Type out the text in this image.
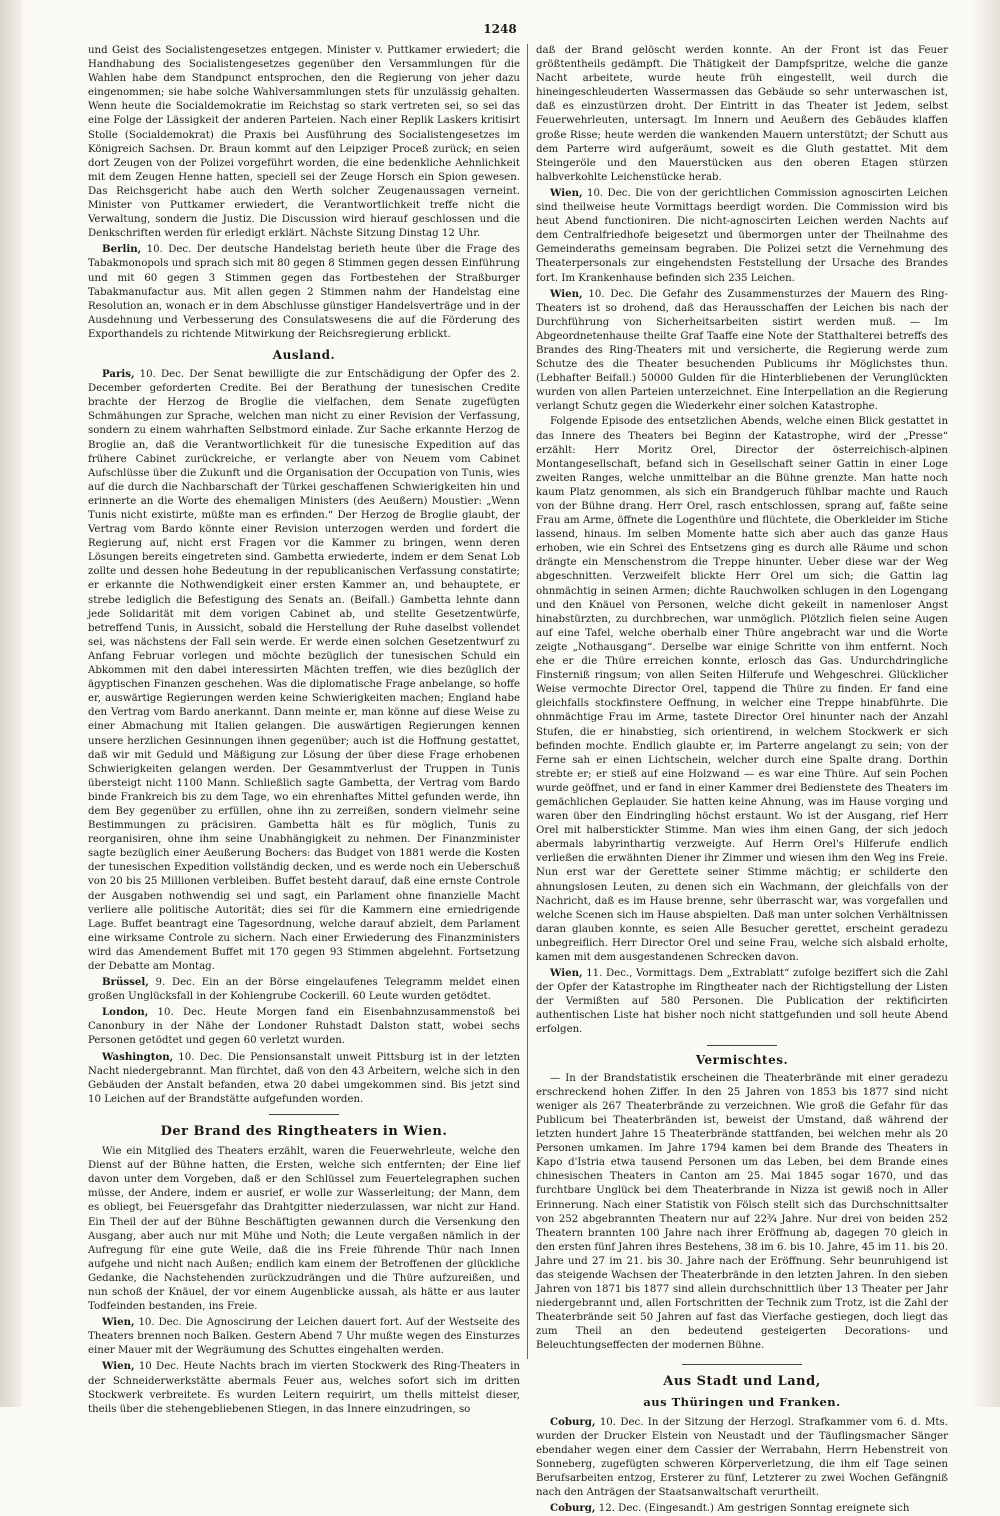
1248

und Geist des Socialistengesetzes entgegen. Minister v. Puttkamer erwiedert; die Handhabung des Socialistengesetzes gegenüber den Versammlungen für die Wahlen habe dem Standpunct entsprochen, den die Regierung von jeher dazu eingenommen; sie habe solche Wahlversammlungen stets für unzulässig gehalten. Wenn heute die Socialdemokratie im Reichstag so stark vertreten sei, so sei das eine Folge der Lässigkeit der anderen Parteien. Nach einer Replik Laskers kritisirt Stolle (Socialdemokrat) die Praxis bei Ausführung des Socialistengesetzes im Königreich Sachsen. Dr. Braun kommt auf den Leipziger Proceß zurück; en seien dort Zeugen von der Polizei vorgeführt worden, die eine bedenkliche Aehnlichkeit mit dem Zeugen Henne hatten, speciell sei der Zeuge Horsch ein Spion gewesen. Das Reichsgericht habe auch den Werth solcher Zeugenaussagen verneint. Minister von Puttkamer erwiedert, die Verantwortlichkeit treffe nicht die Verwaltung, sondern die Justiz. Die Discussion wird hierauf geschlossen und die Denkschriften werden für erledigt erklärt. Nächste Sitzung Dinstag 12 Uhr.

Berlin, 10. Dec. Der deutsche Handelstag berieth heute über die Frage des Tabakmonopols und sprach sich mit 80 gegen 8 Stimmen gegen dessen Einführung und mit 60 gegen 3 Stimmen gegen das Fortbestehen der Straßburger Tabakmanufactur aus. Mit allen gegen 2 Stimmen nahm der Handelstag eine Resolution an, wonach er in dem Abschlusse günstiger Handelsverträge und in der Ausdehnung und Verbesserung des Consulatswesens die auf die Förderung des Exporthandels zu richtende Mitwirkung der Reichsregierung erblickt.

Ausland.

Paris, 10. Dec. Der Senat bewilligte die zur Entschädigung der Opfer des 2. December geforderten Credite. Bei der Berathung der tunesischen Credite brachte der Herzog de Broglie die vielfachen, dem Senate zugefügten Schmähungen zur Sprache, welchen man nicht zu einer Revision der Verfassung, sondern zu einem wahrhaften Selbstmord einlade. Zur Sache erkannte Herzog de Broglie an, daß die Verantwortlichkeit für die tunesische Expedition auf das frühere Cabinet zurückreiche, er verlangte aber von Neuem vom Cabinet Aufschlüsse über die Zukunft und die Organisation der Occupation von Tunis, wies auf die durch die Nachbarschaft der Türkei geschaffenen Schwierigkeiten hin und erinnerte an die Worte des ehemaligen Ministers (des Aeußern) Moustier: „Wenn Tunis nicht existirte, müßte man es erfinden.“ Der Herzog de Broglie glaubt, der Vertrag vom Bardo könnte einer Revision unterzogen werden und fordert die Regierung auf, nicht erst Fragen vor die Kammer zu bringen, wenn deren Lösungen bereits eingetreten sind. Gambetta erwiederte, indem er dem Senat Lob zollte und dessen hohe Bedeutung in der republicanischen Verfassung constatirte; er erkannte die Nothwendigkeit einer ersten Kammer an, und behauptete, er strebe lediglich die Befestigung des Senats an. (Beifall.) Gambetta lehnte dann jede Solidarität mit dem vorigen Cabinet ab, und stellte Gesetzentwürfe, betreffend Tunis, in Aussicht, sobald die Herstellung der Ruhe daselbst vollendet sei, was nächstens der Fall sein werde. Er werde einen solchen Gesetzentwurf zu Anfang Februar vorlegen und möchte bezüglich der tunesischen Schuld ein Abkommen mit den dabei interessirten Mächten treffen, wie dies bezüglich der ägyptischen Finanzen geschehen. Was die diplomatische Frage anbelange, so hoffe er, auswärtige Regierungen werden keine Schwierigkeiten machen; England habe den Vertrag vom Bardo anerkannt. Dann meinte er, man könne auf diese Weise zu einer Abmachung mit Italien gelangen. Die auswärtigen Regierungen kennen unsere herzlichen Gesinnungen ihnen gegenüber; auch ist die Hoffnung gestattet, daß wir mit Geduld und Mäßigung zur Lösung der über diese Frage erhobenen Schwierigkeiten gelangen werden. Der Gesammtverlust der Truppen in Tunis übersteigt nicht 1100 Mann. Schließlich sagte Gambetta, der Vertrag vom Bardo binde Frankreich bis zu dem Tage, wo ein ehrenhaftes Mittel gefunden werde, ihn dem Bey gegenüber zu erfüllen, ohne ihn zu zerreißen, sondern vielmehr seine Bestimmungen zu präcisiren. Gambetta hält es für möglich, Tunis zu reorganisiren, ohne ihm seine Unabhängigkeit zu nehmen. Der Finanzminister sagte bezüglich einer Aeußerung Bochers: das Budget von 1881 werde die Kosten der tunesischen Expedition vollständig decken, und es werde noch ein Ueberschuß von 20 bis 25 Millionen verbleiben. Buffet besteht darauf, daß eine ernste Controle der Ausgaben nothwendig sei und sagt, ein Parlament ohne finanzielle Macht verliere alle politische Autorität; dies sei für die Kammern eine erniedrigende Lage. Buffet beantragt eine Tagesordnung, welche darauf abzielt, dem Parlament eine wirksame Controle zu sichern. Nach einer Erwiederung des Finanzministers wird das Amendement Buffet mit 170 gegen 93 Stimmen abgelehnt. Fortsetzung der Debatte am Montag.

Brüssel, 9. Dec. Ein an der Börse eingelaufenes Telegramm meldet einen großen Unglücksfall in der Kohlengrube Cockerill. 60 Leute wurden getödtet.

London, 10. Dec. Heute Morgen fand ein Eisenbahnzusammenstoß bei Canonbury in der Nähe der Londoner Ruhstadt Dalston statt, wobei sechs Personen getödtet und gegen 60 verletzt wurden.

Washington, 10. Dec. Die Pensionsanstalt unweit Pittsburg ist in der letzten Nacht niedergebrannt. Man fürchtet, daß von den 43 Arbeitern, welche sich in den Gebäuden der Anstalt befanden, etwa 20 dabei umgekommen sind. Bis jetzt sind 10 Leichen auf der Brandstätte aufgefunden worden.

Der Brand des Ringtheaters in Wien.

Wie ein Mitglied des Theaters erzählt, waren die Feuerwehrleute, welche den Dienst auf der Bühne hatten, die Ersten, welche sich entfernten; der Eine lief davon unter dem Vorgeben, daß er den Schlüssel zum Feuertelegraphen suchen müsse, der Andere, indem er ausrief, er wolle zur Wasserleitung; der Mann, dem es obliegt, bei Feuersgefahr das Drahtgitter niederzulassen, war nicht zur Hand. Ein Theil der auf der Bühne Beschäftigten gewannen durch die Versenkung den Ausgang, aber auch nur mit Mühe und Noth; die Leute vergaßen nämlich in der Aufregung für eine gute Weile, daß die ins Freie führende Thür nach Innen aufgehe und nicht nach Außen; endlich kam einem der Betroffenen der glückliche Gedanke, die Nachstehenden zurückzudrängen und die Thüre aufzureißen, und nun schoß der Knäuel, der vor einem Augenblicke aussah, als hätte er aus lauter Todfeinden bestanden, ins Freie.

Wien, 10. Dec. Die Agnoscirung der Leichen dauert fort. Auf der Westseite des Theaters brennen noch Balken. Gestern Abend 7 Uhr mußte wegen des Einsturzes einer Mauer mit der Wegräumung des Schuttes eingehalten werden.

Wien, 10 Dec. Heute Nachts brach im vierten Stockwerk des Ring-Theaters in der Schneiderwerkstätte abermals Feuer aus, welches sofort sich im dritten Stockwerk verbreitete. Es wurden Leitern requirirt, um thells mittelst dieser, theils über die stehengebliebenen Stiegen, in das Innere einzudringen, so

daß der Brand gelöscht werden konnte. An der Front ist das Feuer größtentheils gedämpft. Die Thätigkeit der Dampfspritze, welche die ganze Nacht arbeitete, wurde heute früh eingestellt, weil durch die hineingeschleuderten Wassermassen das Gebäude so sehr unterwaschen ist, daß es einzustürzen droht. Der Eintritt in das Theater ist Jedem, selbst Feuerwehrleuten, untersagt. Im Innern und Aeußern des Gebäudes klaffen große Risse; heute werden die wankenden Mauern unterstützt; der Schutt aus dem Parterre wird aufgeräumt, soweit es die Gluth gestattet. Mit dem Steingeröle und den Mauerstücken aus den oberen Etagen stürzen halbverkohlte Leichenstücke herab.

Wien, 10. Dec. Die von der gerichtlichen Commission agnoscirten Leichen sind theilweise heute Vormittags beerdigt worden. Die Commission wird bis heut Abend functioniren. Die nicht-agnoscirten Leichen werden Nachts auf dem Centralfriedhofe beigesetzt und übermorgen unter der Theilnahme des Gemeinderaths gemeinsam begraben. Die Polizei setzt die Vernehmung des Theaterpersonals zur eingehendsten Feststellung der Ursache des Brandes fort. Im Krankenhause befinden sich 235 Leichen.

Wien, 10. Dec. Die Gefahr des Zusammensturzes der Mauern des Ring-Theaters ist so drohend, daß das Herausschaffen der Leichen bis nach der Durchführung von Sicherheitsarbeiten sistirt werden muß. — Im Abgeordnetenhause theilte Graf Taaffe eine Note der Statthalterei betreffs des Brandes des Ring-Theaters mit und versicherte, die Regierung werde zum Schutze des die Theater besuchenden Publicums ihr Möglichstes thun. (Lebhafter Beifall.) 50000 Gulden für die Hinterbliebenen der Verunglückten wurden von allen Parteien unterzeichnet. Eine Interpellation an die Regierung verlangt Schutz gegen die Wiederkehr einer solchen Katastrophe.

Folgende Episode des entsetzlichen Abends, welche einen Blick gestattet in das Innere des Theaters bei Beginn der Katastrophe, wird der „Presse“ erzählt: Herr Moritz Orel, Director der österreichisch-alpinen Montangesellschaft, befand sich in Gesellschaft seiner Gattin in einer Loge zweiten Ranges, welche unmittelbar an die Bühne grenzte. Man hatte noch kaum Platz genommen, als sich ein Brandgeruch fühlbar machte und Rauch von der Bühne drang. Herr Orel, rasch entschlossen, sprang auf, faßte seine Frau am Arme, öffnete die Logenthüre und flüchtete, die Oberkleider im Stiche lassend, hinaus. Im selben Momente hatte sich aber auch das ganze Haus erhoben, wie ein Schrei des Entsetzens ging es durch alle Räume und schon drängte ein Menschenstrom die Treppe hinunter. Ueber diese war der Weg abgeschnitten. Verzweifelt blickte Herr Orel um sich; die Gattin lag ohnmächtig in seinen Armen; dichte Rauchwolken schlugen in den Logengang und den Knäuel von Personen, welche dicht gekeilt in namenloser Angst hinabstürzten, zu durchbrechen, war unmöglich. Plötzlich fielen seine Augen auf eine Tafel, welche oberhalb einer Thüre angebracht war und die Worte zeigte „Nothausgang“. Derselbe war einige Schritte von ihm entfernt. Noch ehe er die Thüre erreichen konnte, erlosch das Gas. Undurchdringliche Finsterniß ringsum; von allen Seiten Hilferufe und Wehgeschrei. Glücklicher Weise vermochte Director Orel, tappend die Thüre zu finden. Er fand eine gleichfalls stockfinstere Oeffnung, in welcher eine Treppe hinabführte. Die ohnmächtige Frau im Arme, tastete Director Orel hinunter nach der Anzahl Stufen, die er hinabstieg, sich orientirend, in welchem Stockwerk er sich befinden mochte. Endlich glaubte er, im Parterre angelangt zu sein; von der Ferne sah er einen Lichtschein, welcher durch eine Spalte drang. Dorthin strebte er; er stieß auf eine Holzwand — es war eine Thüre. Auf sein Pochen wurde geöffnet, und er fand in einer Kammer drei Bedienstete des Theaters im gemächlichen Geplauder. Sie hatten keine Ahnung, was im Hause vorging und waren über den Eindringling höchst erstaunt. Wo ist der Ausgang, rief Herr Orel mit halberstickter Stimme. Man wies ihm einen Gang, der sich jedoch abermals labyrinthartig verzweigte. Auf Herrn Orel's Hilferufe endlich verließen die erwähnten Diener ihr Zimmer und wiesen ihm den Weg ins Freie. Nun erst war der Gerettete seiner Stimme mächtig; er schilderte den ahnungslosen Leuten, zu denen sich ein Wachmann, der gleichfalls von der Nachricht, daß es im Hause brenne, sehr überrascht war, was vorgefallen und welche Scenen sich im Hause abspielten. Daß man unter solchen Verhältnissen daran glauben konnte, es seien Alle Besucher gerettet, erscheint geradezu unbegreiflich. Herr Director Orel und seine Frau, welche sich alsbald erholte, kamen mit dem ausgestandenen Schrecken davon.

Wien, 11. Dec., Vormittags. Dem „Extrablatt“ zufolge beziffert sich die Zahl der Opfer der Katastrophe im Ringtheater nach der Richtigstellung der Listen der Vermißten auf 580 Personen. Die Publication der rektificirten authentischen Liste hat bisher noch nicht stattgefunden und soll heute Abend erfolgen.

Vermischtes.

— In der Brandstatistik erscheinen die Theaterbrände mit einer geradezu erschreckend hohen Ziffer. In den 25 Jahren von 1853 bis 1877 sind nicht weniger als 267 Theaterbrände zu verzeichnen. Wie groß die Gefahr für das Publicum bei Theaterbränden ist, beweist der Umstand, daß während der letzten hundert Jahre 15 Theaterbrände stattfanden, bei welchen mehr als 20 Personen umkamen. Im Jahre 1794 kamen bei dem Brande des Theaters in Kapo d'Istria etwa tausend Personen um das Leben, bei dem Brande eines chinesischen Theaters in Canton am 25. Mai 1845 sogar 1670, und das furchtbare Unglück bei dem Theaterbrande in Nizza ist gewiß noch in Aller Erinnerung. Nach einer Statistik von Fölsch stellt sich das Durchschnittsalter von 252 abgebrannten Theatern nur auf 22¾ Jahre. Nur drei von beiden 252 Theatern brannten 100 Jahre nach ihrer Eröffnung ab, dagegen 70 gleich in den ersten fünf Jahren ihres Bestehens, 38 im 6. bis 10. Jahre, 45 im 11. bis 20. Jahre und 27 im 21. bis 30. Jahre nach der Eröffnung. Sehr beunruhigend ist das steigende Wachsen der Theaterbrände in den letzten Jahren. In den sieben Jahren von 1871 bis 1877 sind allein durchschnittlich über 13 Theater per Jahr niedergebrannt und, allen Fortschritten der Technik zum Trotz, ist die Zahl der Theaterbrände seit 50 Jahren auf fast das Vierfache gestiegen, doch liegt das zum Theil an den bedeutend gesteigerten Decorations- und Beleuchtungseffecten der modernen Bühne.

Aus Stadt und Land,
aus Thüringen und Franken.

Coburg, 10. Dec. In der Sitzung der Herzogl. Strafkammer vom 6. d. Mts. wurden der Drucker Elstein von Neustadt und der Täuflingsmacher Sänger ebendaher wegen einer dem Cassier der Werrabahn, Herrn Hebenstreit von Sonneberg, zugefügten schweren Körperverletzung, die ihm elf Tage seinen Berufsarbeiten entzog, Ersterer zu fünf, Letzterer zu zwei Wochen Gefängniß nach den Anträgen der Staatsanwaltschaft verurtheilt.

Coburg, 12. Dec. (Eingesandt.) Am gestrigen Sonntag ereignete sich
